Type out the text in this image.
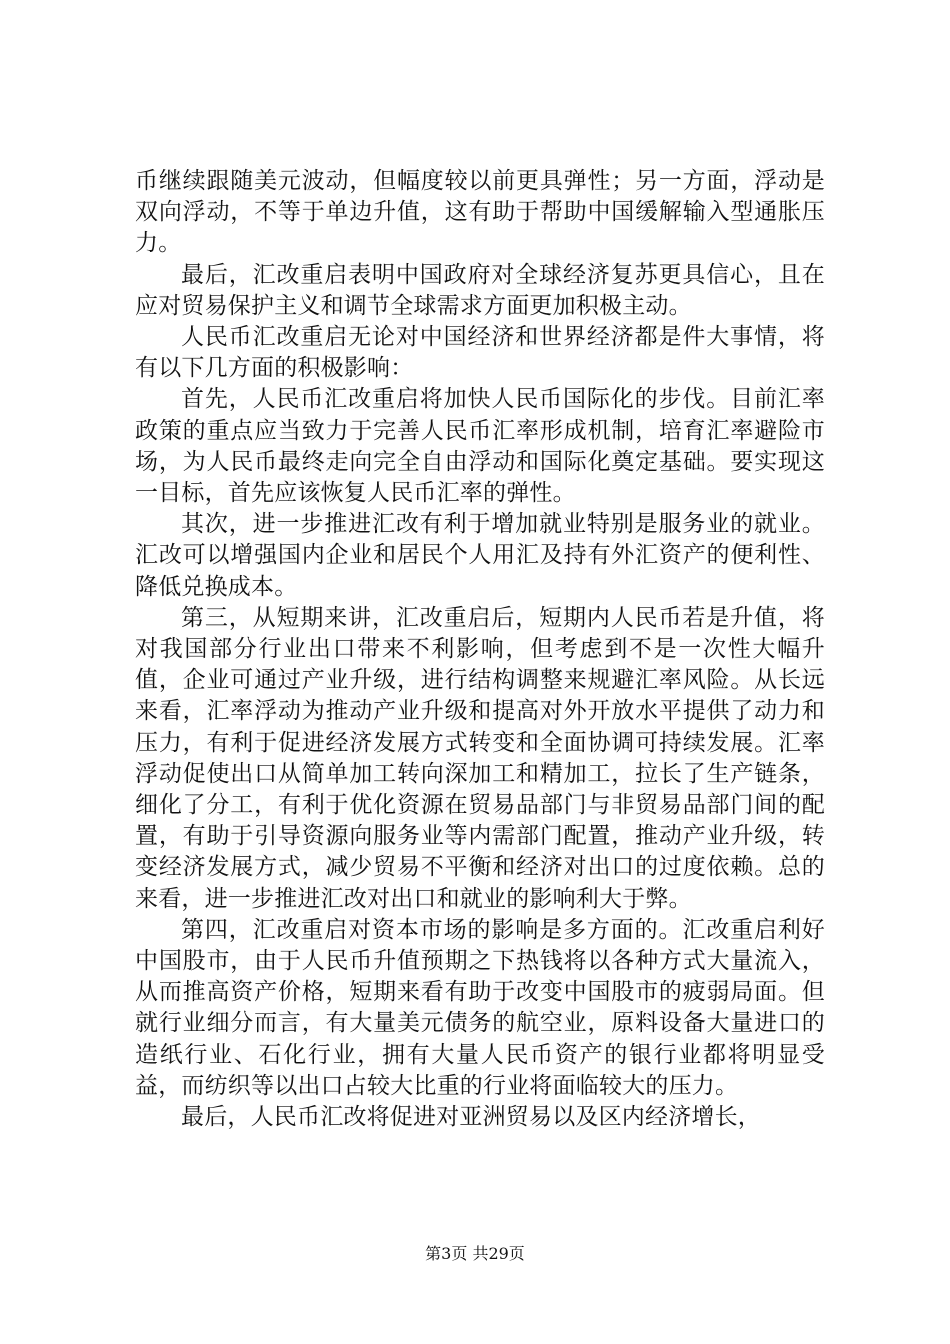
币继续跟随美元波动，但幅度较以前更具弹性；另一方面，浮动是双向浮动，不等于单边升值，这有助于帮助中国缓解输入型通胀压力。

最后，汇改重启表明中国政府对全球经济复苏更具信心，且在应对贸易保护主义和调节全球需求方面更加积极主动。

人民币汇改重启无论对中国经济和世界经济都是件大事情，将有以下几方面的积极影响：

首先，人民币汇改重启将加快人民币国际化的步伐。目前汇率政策的重点应当致力于完善人民币汇率形成机制，培育汇率避险市场，为人民币最终走向完全自由浮动和国际化奠定基础。要实现这一目标，首先应该恢复人民币汇率的弹性。

其次，进一步推进汇改有利于增加就业特别是服务业的就业。汇改可以增强国内企业和居民个人用汇及持有外汇资产的便利性、降低兑换成本。

第三，从短期来讲，汇改重启后，短期内人民币若是升值，将对我国部分行业出口带来不利影响，但考虑到不是一次性大幅升值，企业可通过产业升级，进行结构调整来规避汇率风险。从长远来看，汇率浮动为推动产业升级和提高对外开放水平提供了动力和压力，有利于促进经济发展方式转变和全面协调可持续发展。汇率浮动促使出口从简单加工转向深加工和精加工，拉长了生产链条，细化了分工，有利于优化资源在贸易品部门与非贸易品部门间的配置，有助于引导资源向服务业等内需部门配置，推动产业升级，转变经济发展方式，减少贸易不平衡和经济对出口的过度依赖。总的来看，进一步推进汇改对出口和就业的影响利大于弊。

第四，汇改重启对资本市场的影响是多方面的。汇改重启利好中国股市，由于人民币升值预期之下热钱将以各种方式大量流入，从而推高资产价格，短期来看有助于改变中国股市的疲弱局面。但就行业细分而言，有大量美元债务的航空业，原料设备大量进口的造纸行业、石化行业，拥有大量人民币资产的银行业都将明显受益，而纺织等以出口占较大比重的行业将面临较大的压力。

最后，人民币汇改将促进对亚洲贸易以及区内经济增长，

第3页 共29页
